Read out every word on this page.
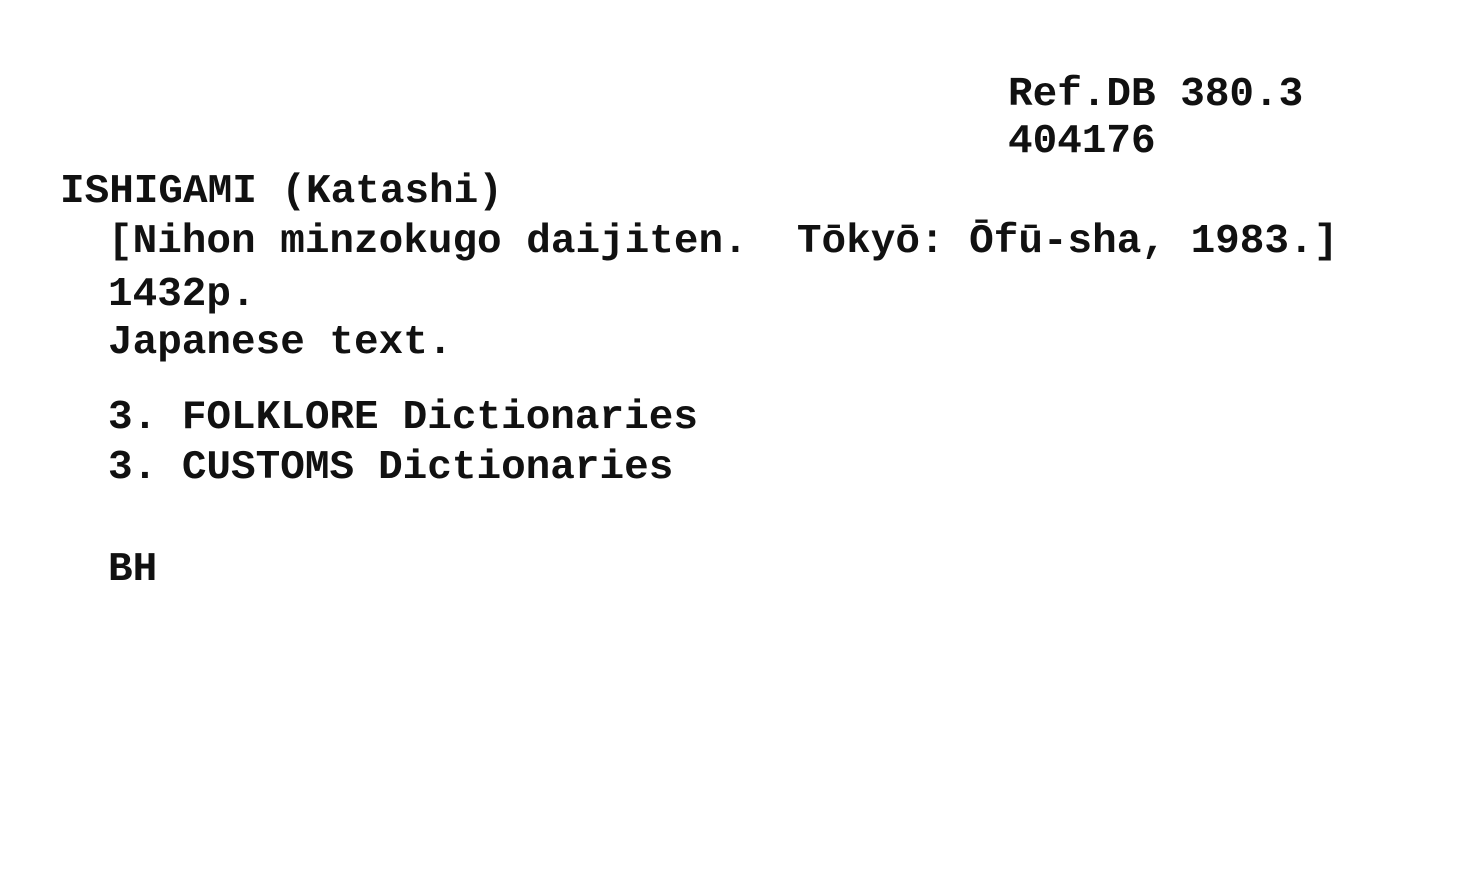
Ref.DB 380.3
404176
ISHIGAMI (Katashi)
[Nihon minzokugo daijiten.  Tōkyō: Ōfū-sha, 1983.]
1432p.
Japanese text.
3. FOLKLORE Dictionaries
3. CUSTOMS Dictionaries
BH
